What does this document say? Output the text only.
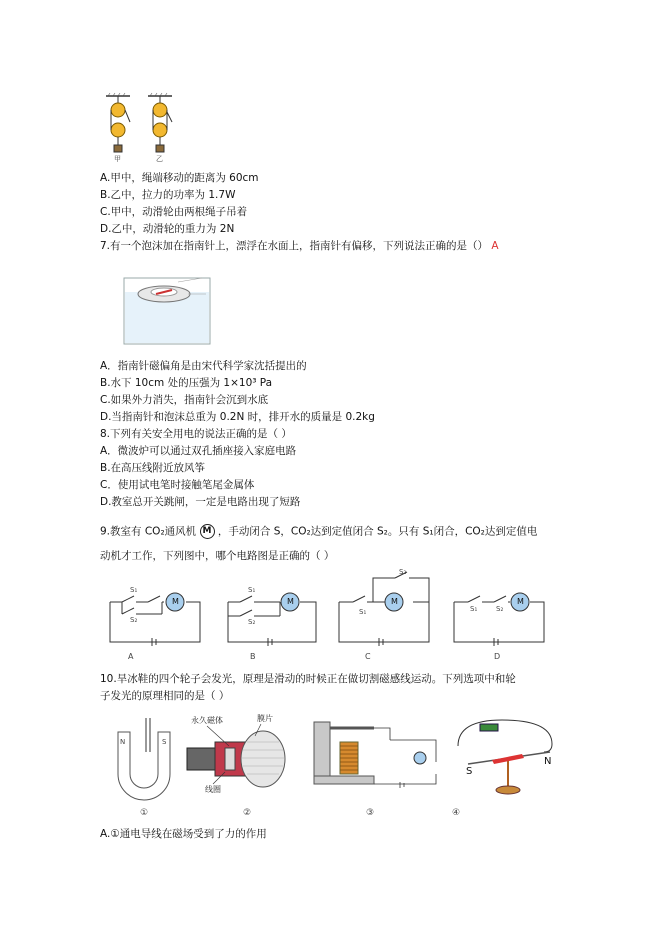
甲	乙
A.甲中，绳端移动的距离为 60cm
B.乙中，拉力的功率为 1.7W
C.甲中，动滑轮由两根绳子吊着
D.乙中，动滑轮的重力为 2N
7.有一个泡沫加在指南针上，漂浮在水面上，指南针有偏移，下列说法正确的是（） A
A．指南针磁偏角是由宋代科学家沈括提出的
B.水下 10cm 处的压强为 1×10³ Pa
C.如果外力消失，指南针会沉到水底
D.当指南针和泡沫总重为 0.2N 时，排开水的质量是 0.2kg
8.下列有关安全用电的说法正确的是（ ）
A．微波炉可以通过双孔插座接入家庭电路
B.在高压线附近放风筝
C．使用试电笔时接触笔尾金属体
D.教室总开关跳闸，一定是电路出现了短路
9.教室有 CO₂通风机 M ，手动闭合 S，CO₂达到定值闭合 S₂。只有 S₁闭合，CO₂达到定值电
动机才工作，下列图中，哪个电路图是正确的（ ）
M
S₁
S₂
A
M
S₁
S₂
B
M
S₁
S₂
C
M
S₁	S₂
D
10.旱冰鞋的四个轮子会发光，原理是滑动的时候正在做切割磁感线运动。下列选项中和轮
子发光的原理相同的是（ ）
N	S
①
永久磁体	膜片
线圈
②	③
S
N
④
A.①通电导线在磁场受到了力的作用
